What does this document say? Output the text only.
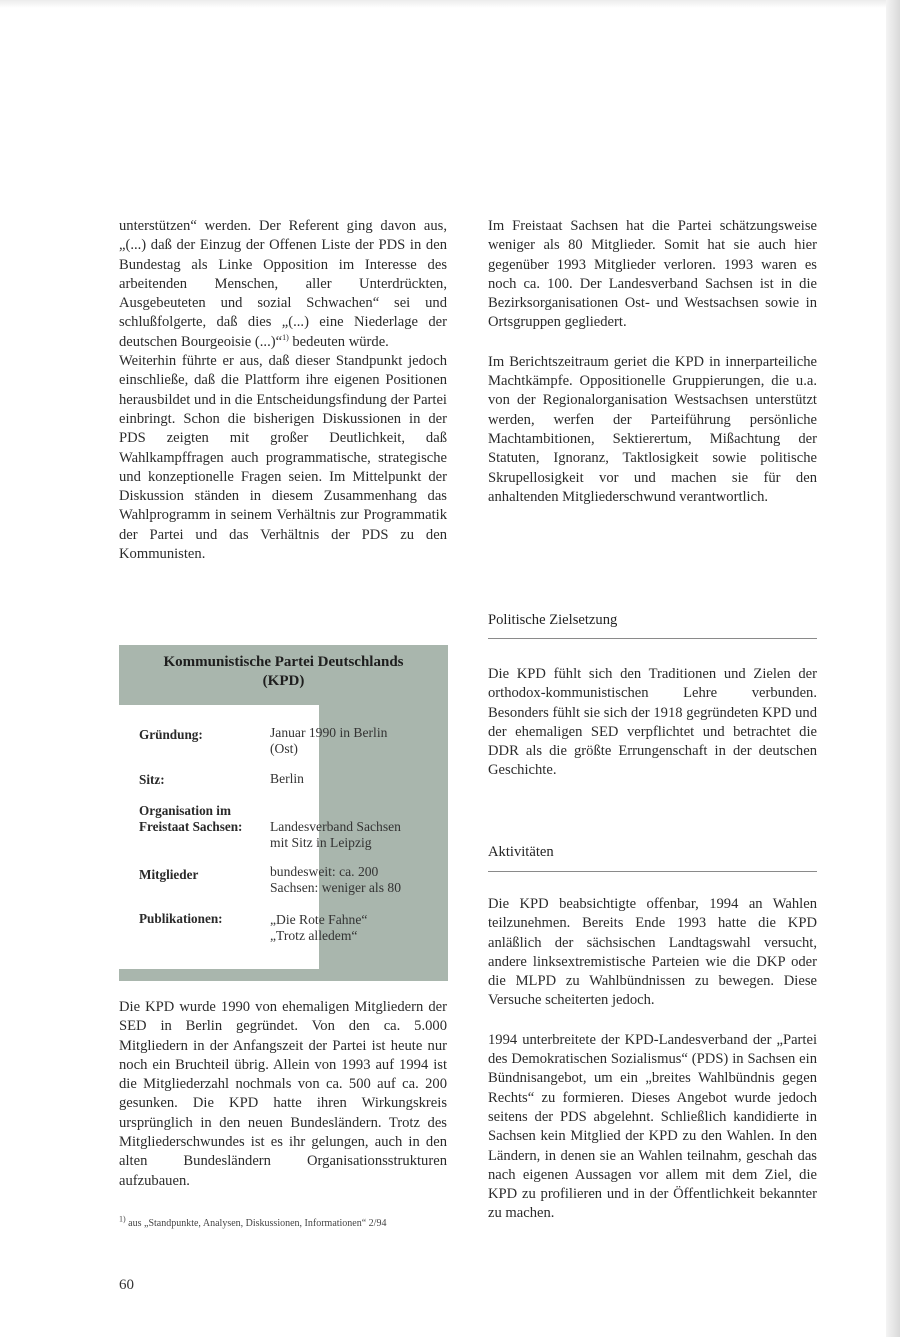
unterstützen“ werden. Der Referent ging davon aus, „(...) daß der Einzug der Offenen Liste der PDS in den Bundestag als Linke Opposition im Interesse des arbeitenden Menschen, aller Unterdrückten, Ausgebeuteten und sozial Schwachen“ sei und schlußfolgerte, daß dies „(...) eine Niederlage der deutschen Bourgeoisie (...)“$^{1)}$ bedeuten würde.

Weiterhin führte er aus, daß dieser Standpunkt jedoch einschließe, daß die Plattform ihre eigenen Positionen herausbildet und in die Entscheidungsfindung der Partei einbringt. Schon die bisherigen Diskussionen in der PDS zeigten mit großer Deutlichkeit, daß Wahlkampffragen auch programmatische, strategische und konzeptionelle Fragen seien. Im Mittelpunkt der Diskussion ständen in diesem Zusammenhang das Wahlprogramm in seinem Verhältnis zur Programmatik der Partei und das Verhältnis der PDS zu den Kommunisten.

Kommunistische Partei Deutschlands
(KPD)
Gründung:	Januar 1990 in Berlin
(Ost)
Sitz:	Berlin
Organisation im
Freistaat Sachsen:	Landesverband Sachsen
mit Sitz in Leipzig
Mitglieder	bundesweit: ca. 200
Sachsen: weniger als 80
Publikationen:	„Die Rote Fahne“
„Trotz alledem“

Die KPD wurde 1990 von ehemaligen Mitgliedern der SED in Berlin gegründet. Von den ca. 5.000 Mitgliedern in der Anfangszeit der Partei ist heute nur noch ein Bruchteil übrig. Allein von 1993 auf 1994 ist die Mitgliederzahl nochmals von ca. 500 auf ca. 200 gesunken. Die KPD hatte ihren Wirkungskreis ursprünglich in den neuen Bundesländern. Trotz des Mitgliederschwundes ist es ihr gelungen, auch in den alten Bundesländern Organisationsstrukturen aufzubauen.

$^{1)}$ aus „Standpunkte, Analysen, Diskussionen, Informationen“ 2/94

Im Freistaat Sachsen hat die Partei schätzungsweise weniger als 80 Mitglieder. Somit hat sie auch hier gegenüber 1993 Mitglieder verloren. 1993 waren es noch ca. 100. Der Landesverband Sachsen ist in die Bezirksorganisationen Ost- und Westsachsen sowie in Ortsgruppen gegliedert.

Im Berichtszeitraum geriet die KPD in innerparteiliche Machtkämpfe. Oppositionelle Gruppierungen, die u.a. von der Regionalorganisation Westsachsen unterstützt werden, werfen der Parteiführung persönliche Machtambitionen, Sektierertum, Mißachtung der Statuten, Ignoranz, Taktlosigkeit sowie politische Skrupellosigkeit vor und machen sie für den anhaltenden Mitgliederschwund verantwortlich.

Politische Zielsetzung

Die KPD fühlt sich den Traditionen und Zielen der orthodox-kommunistischen Lehre verbunden. Besonders fühlt sie sich der 1918 gegründeten KPD und der ehemaligen SED verpflichtet und betrachtet die DDR als die größte Errungenschaft in der deutschen Geschichte.

Aktivitäten

Die KPD beabsichtigte offenbar, 1994 an Wahlen teilzunehmen. Bereits Ende 1993 hatte die KPD anläßlich der sächsischen Landtagswahl versucht, andere linksextremistische Parteien wie die DKP oder die MLPD zu Wahlbündnissen zu bewegen. Diese Versuche scheiterten jedoch.

1994 unterbreitete der KPD-Landesverband der „Partei des Demokratischen Sozialismus“ (PDS) in Sachsen ein Bündnisangebot, um ein „breites Wahlbündnis gegen Rechts“ zu formieren. Dieses Angebot wurde jedoch seitens der PDS abgelehnt. Schließlich kandidierte in Sachsen kein Mitglied der KPD zu den Wahlen. In den Ländern, in denen sie an Wahlen teilnahm, geschah das nach eigenen Aussagen vor allem mit dem Ziel, die KPD zu profilieren und in der Öffentlichkeit bekannter zu machen.

60
